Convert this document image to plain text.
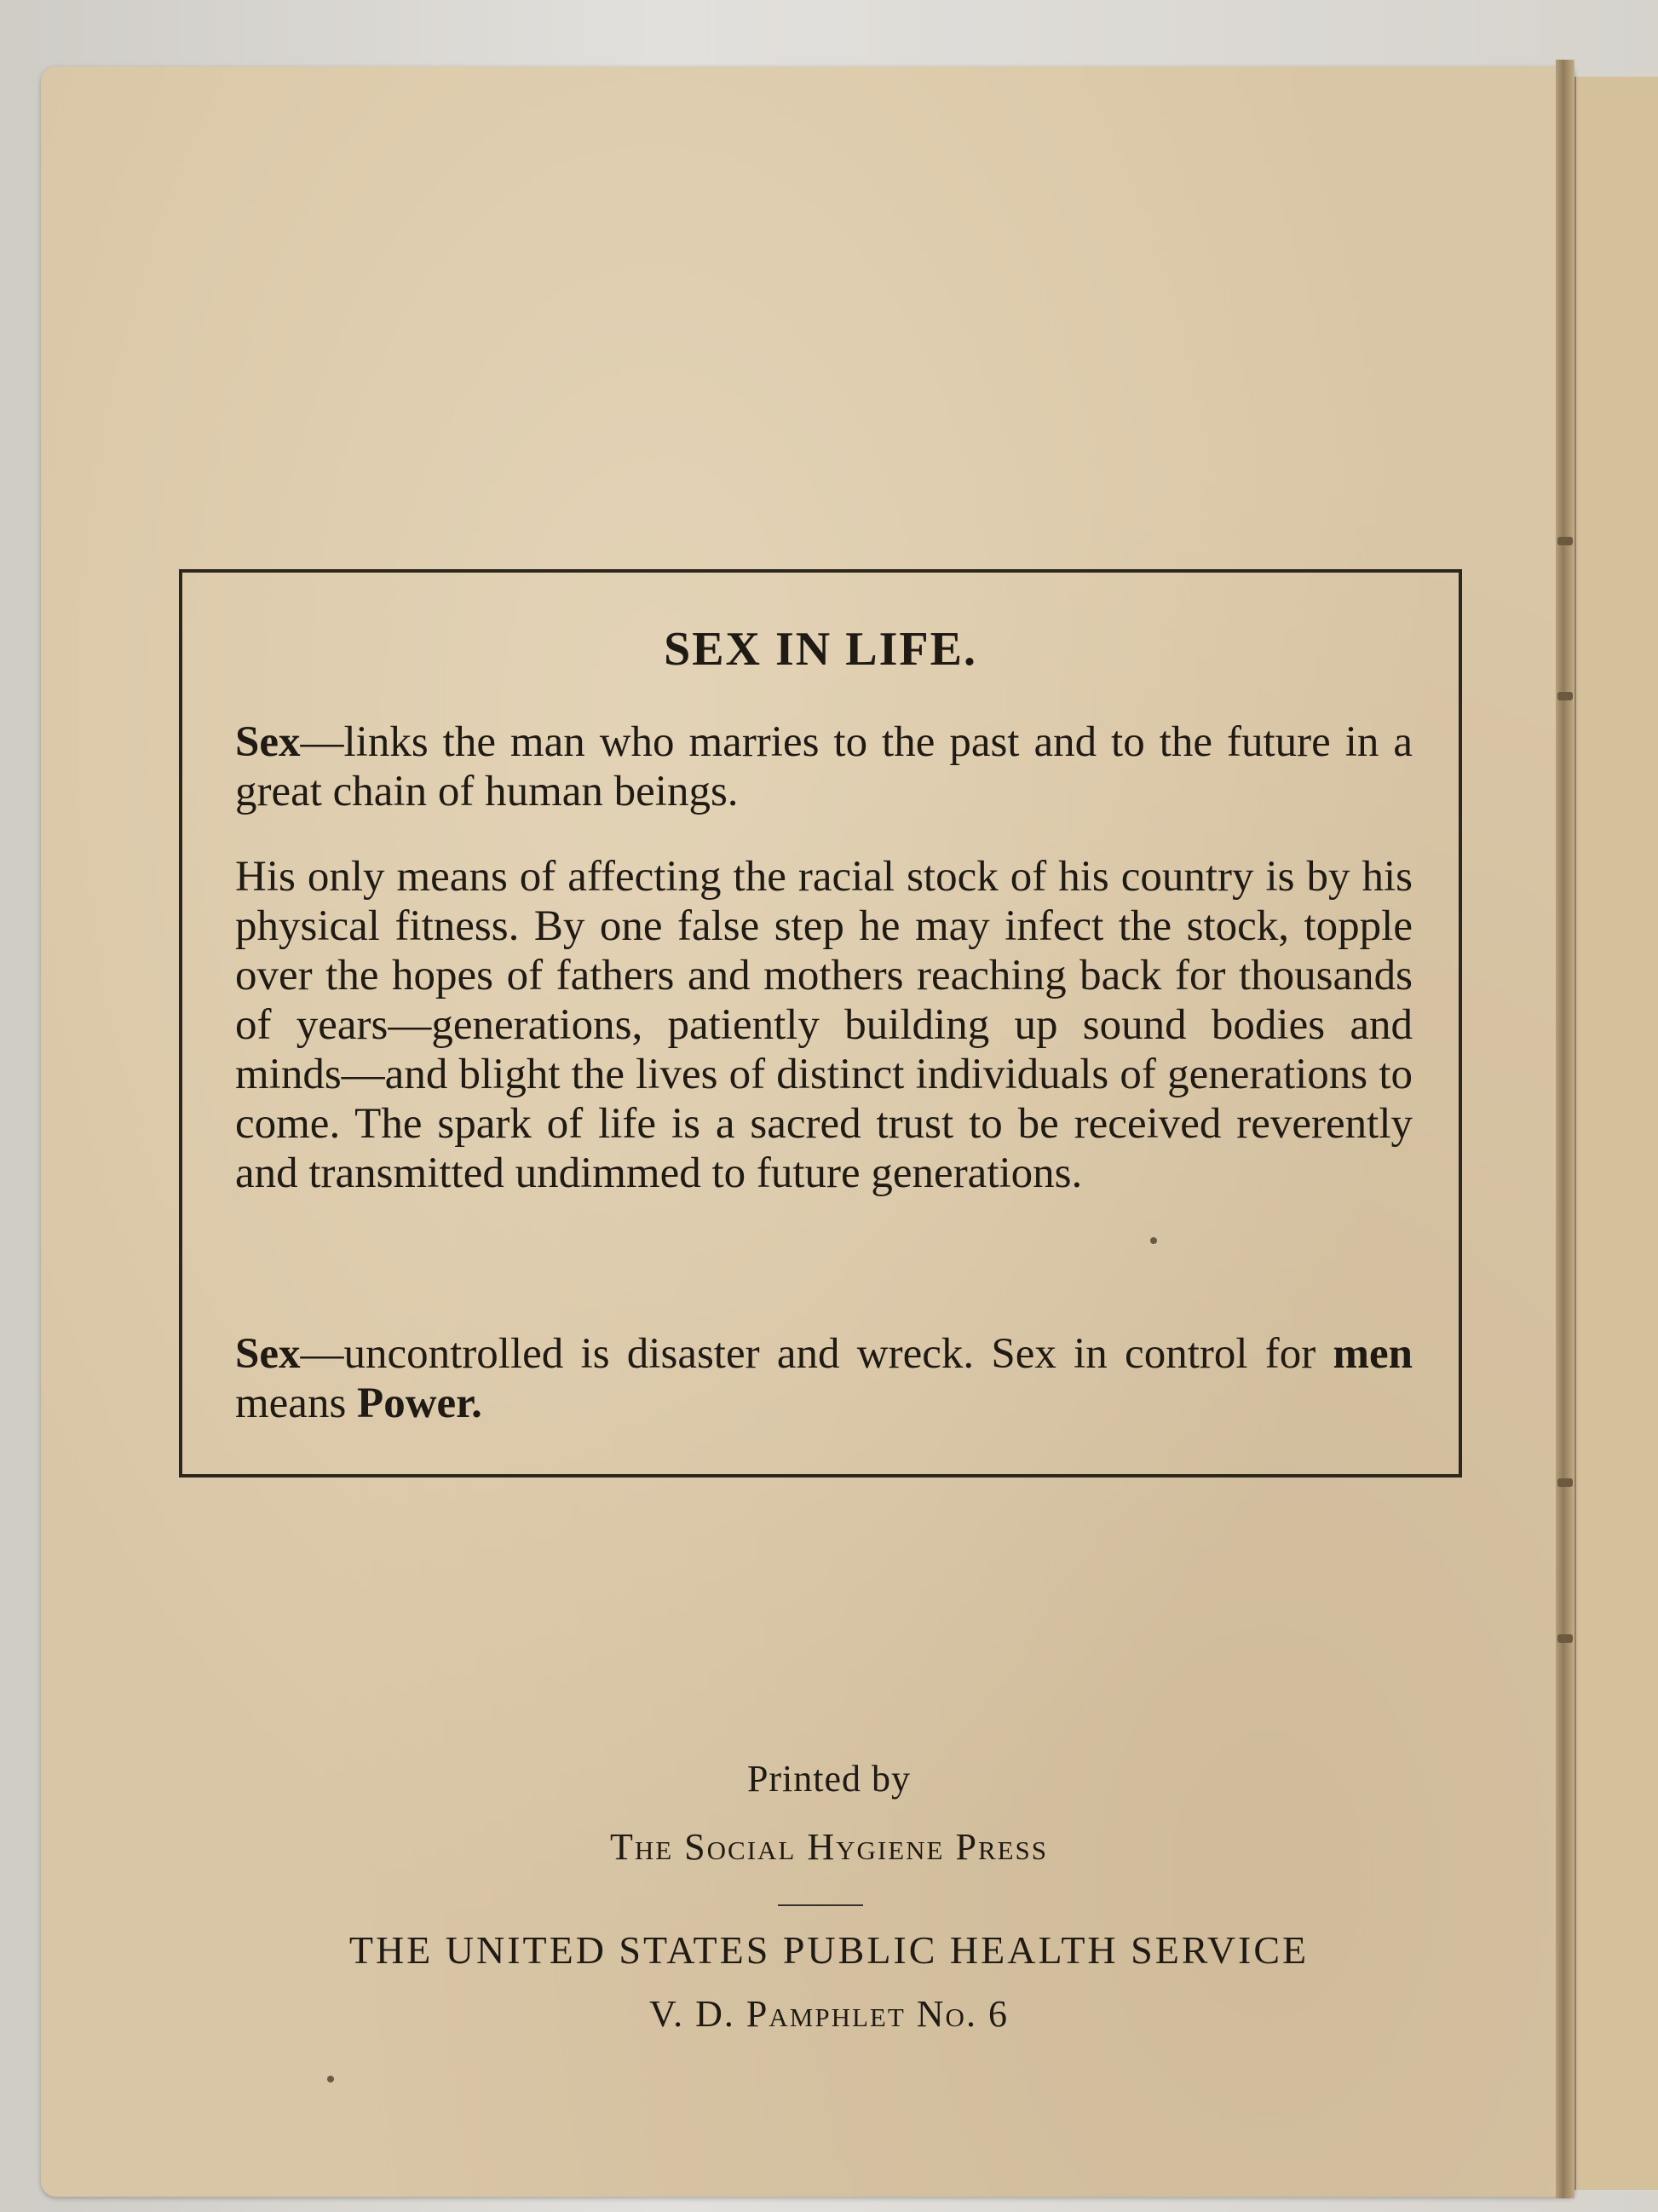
SEX IN LIFE.
Sex—links the man who marries to the past and to the future in a great chain of human beings.
His only means of affecting the racial stock of his country is by his physical fitness. By one false step he may infect the stock, topple over the hopes of fathers and mothers reaching back for thousands of years—generations, patiently building up sound bodies and minds—and blight the lives of distinct individuals of generations to come. The spark of life is a sacred trust to be received reverently and transmitted undimmed to future generations.
Sex—uncontrolled is disaster and wreck. Sex in control for men means Power.
Printed by
The Social Hygiene Press
THE UNITED STATES PUBLIC HEALTH SERVICE
V. D. Pamphlet No. 6
